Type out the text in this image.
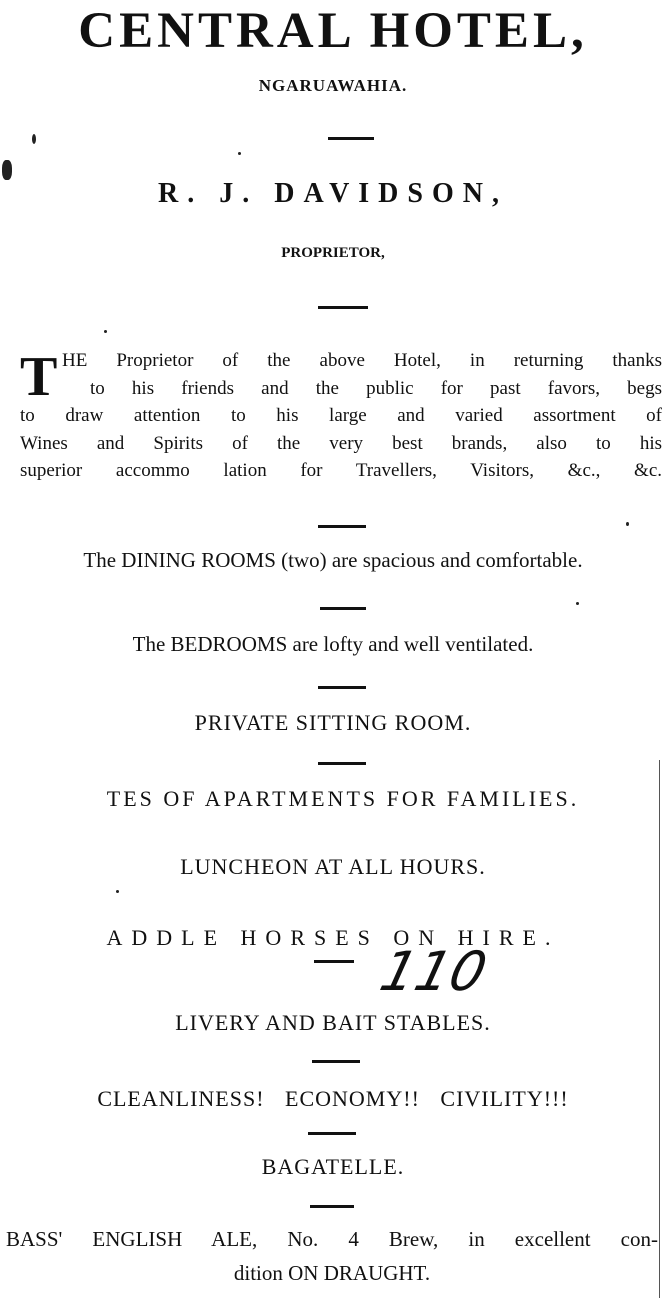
CENTRAL HOTEL,
NGARUAWAHIA.
R. J. DAVIDSON,
PROPRIETOR,
T HE Proprietor of the above Hotel, in returning thanks
to his friends and the public for past favors, begs
to draw attention to his large and varied assortment of
Wines and Spirits of the very best brands, also to his
superior accommo lation for Travellers, Visitors, &c., &c.
The DINING ROOMS (two) are spacious and comfortable.
The BEDROOMS are lofty and well ventilated.
PRIVATE SITTING ROOM.
TES OF APARTMENTS FOR FAMILIES.
LUNCHEON AT ALL HOURS.
ADDLE HORSES ON HIRE.
110
LIVERY AND BAIT STABLES.
CLEANLINESS! ECONOMY!! CIVILITY!!!
BAGATELLE.
BASS' ENGLISH ALE, No. 4 Brew, in excellent con-
dition ON DRAUGHT.
